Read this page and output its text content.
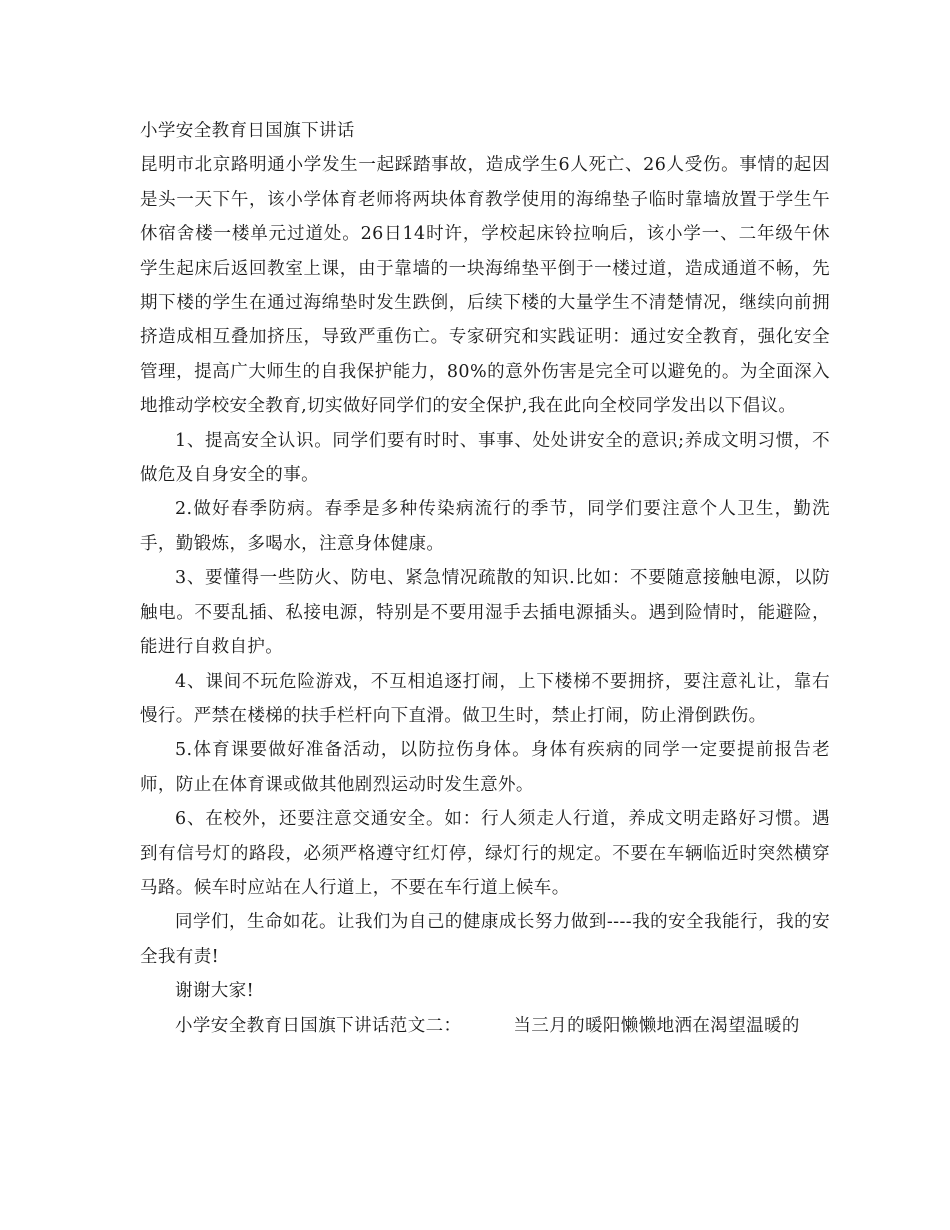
小学安全教育日国旗下讲话

昆明市北京路明通小学发生一起踩踏事故，造成学生6人死亡、26人受伤。事情的起因是头一天下午，该小学体育老师将两块体育教学使用的海绵垫子临时靠墙放置于学生午休宿舍楼一楼单元过道处。26日14时许，学校起床铃拉响后，该小学一、二年级午休学生起床后返回教室上课，由于靠墙的一块海绵垫平倒于一楼过道，造成通道不畅，先期下楼的学生在通过海绵垫时发生跌倒，后续下楼的大量学生不清楚情况，继续向前拥挤造成相互叠加挤压，导致严重伤亡。专家研究和实践证明：通过安全教育，强化安全管理，提高广大师生的自我保护能力，80%的意外伤害是完全可以避免的。为全面深入地推动学校安全教育,切实做好同学们的安全保护,我在此向全校同学发出以下倡议。

1、提高安全认识。同学们要有时时、事事、处处讲安全的意识;养成文明习惯，不做危及自身安全的事。

2.做好春季防病。春季是多种传染病流行的季节，同学们要注意个人卫生，勤洗手，勤锻炼，多喝水，注意身体健康。

3、要懂得一些防火、防电、紧急情况疏散的知识.比如：不要随意接触电源，以防触电。不要乱插、私接电源，特别是不要用湿手去插电源插头。遇到险情时，能避险，能进行自救自护。

4、课间不玩危险游戏，不互相追逐打闹，上下楼梯不要拥挤，要注意礼让，靠右慢行。严禁在楼梯的扶手栏杆向下直滑。做卫生时，禁止打闹，防止滑倒跌伤。

5.体育课要做好准备活动，以防拉伤身体。身体有疾病的同学一定要提前报告老师，防止在体育课或做其他剧烈运动时发生意外。

6、在校外，还要注意交通安全。如：行人须走人行道，养成文明走路好习惯。遇到有信号灯的路段，必须严格遵守红灯停，绿灯行的规定。不要在车辆临近时突然横穿马路。候车时应站在人行道上，不要在车行道上候车。

同学们，生命如花。让我们为自己的健康成长努力做到----我的安全我能行，我的安全我有责!

谢谢大家!

小学安全教育日国旗下讲话范文二：	当三月的暖阳懒懒地洒在渴望温暖的
